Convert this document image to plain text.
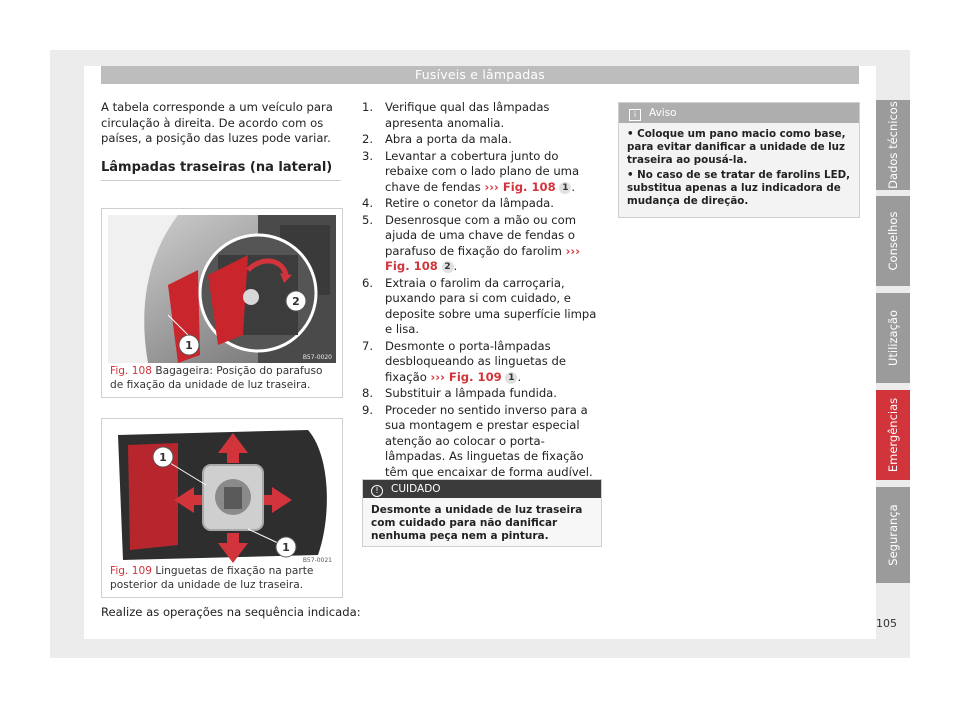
Fusíveis e lâmpadas

A tabela corresponde a um veículo para circulação à direita. De acordo com os países, a posição das luzes pode variar.

Lâmpadas traseiras (na lateral)
2
1
B57-0020
Fig. 108 Bagageira: Posição do parafuso de fixação da unidade de luz traseira.
1
1
B57-0021
Fig. 109 Linguetas de fixação na parte posterior da unidade de luz traseira.
Realize as operações na sequência indicada:
1.	Verifique qual das lâmpadas apresenta anomalia.
2.	Abra a porta da mala.
3.	Levantar a cobertura junto do rebaixe com o lado plano de uma chave de fendas ››› Fig. 108 1 .
4.	Retire o conetor da lâmpada.
5.	Desenrosque com a mão ou com ajuda de uma chave de fendas o parafuso de fixação do farolim ››› Fig. 108 2 .
6.	Extraia o farolim da carroçaria, puxando para si com cuidado, e deposite sobre uma superfície limpa e lisa.
7.	Desmonte o porta-lâmpadas desbloqueando as linguetas de fixação ››› Fig. 109 1 .
8.	Substituir a lâmpada fundida.
9.	Proceder no sentido inverso para a sua montagem e prestar especial atenção ao colocar o porta-lâmpadas. As linguetas de fixação têm que encaixar de forma audível.
! CUIDADO
Desmonte a unidade de luz traseira com cuidado para não danificar nenhuma peça nem a pintura.
i Aviso

• Coloque um pano macio como base, para evitar danificar a unidade de luz traseira ao pousá-la.

• No caso de se tratar de farolins LED, substitua apenas a luz indicadora de mudança de direção.

Dados técnicos
Conselhos
Utilização
Emergências
Segurança
105
